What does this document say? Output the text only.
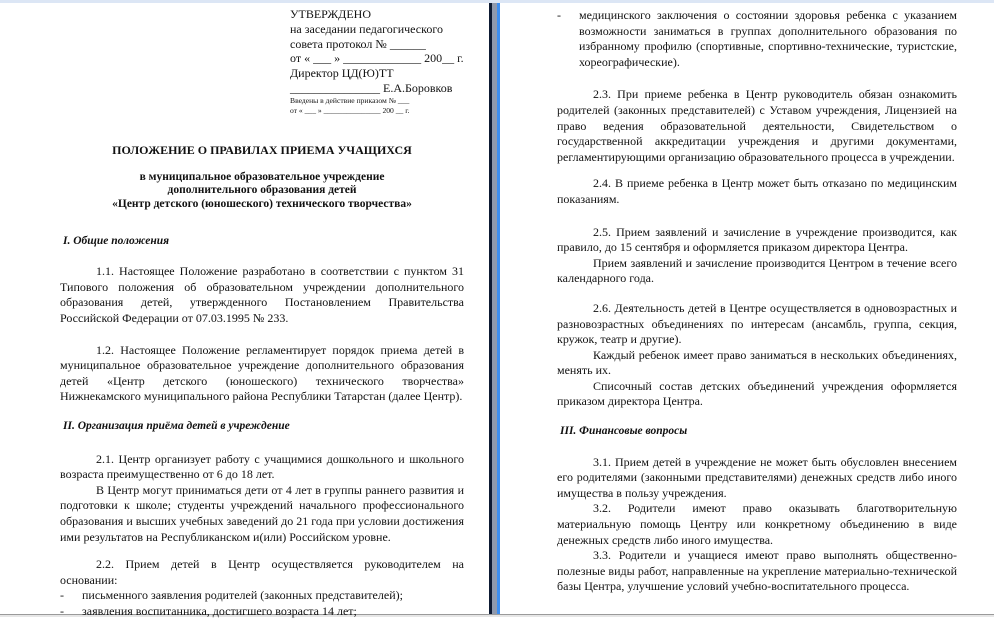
УТВЕРЖДЕНО
на заседании педагогического
совета протокол № ______
от « ___ » _____________ 200__ г.
Директор ЦД(Ю)ТТ
_______________ Е.А.Боровков
Введены в действие приказом № ___
от « ___ » _______________ 200 __ г.
ПОЛОЖЕНИЕ О ПРАВИЛАХ ПРИЕМА УЧАЩИХСЯ
в муниципальное образовательное учреждение
дополнительного образования детей
«Центр детского (юношеского) технического творчества»
I. Общие положения
1.1. Настоящее Положение разработано в соответствии с пунктом 31 Типового положения об образовательном учреждении дополнительного образования детей, утвержденного Постановлением Правительства Российской Федерации от 07.03.1995 № 233.
1.2. Настоящее Положение регламентирует порядок приема детей в муниципальное образовательное учреждение дополнительного образования детей «Центр детского (юношеского) технического творчества» Нижнекамского муниципального района Республики Татарстан (далее Центр).
II. Организация приёма детей в учреждение
2.1. Центр организует работу с учащимися дошкольного и школьного возраста преимущественно от 6 до 18 лет.
В Центр могут приниматься дети от 4 лет в группы раннего развития и подготовки к школе; студенты учреждений начального профессионального образования и высших учебных заведений до 21 года при условии достижения ими результатов на Республиканском и(или) Российском уровне.
2.2. Прием детей в Центр осуществляется руководителем на основании:
-	письменного заявления родителей (законных представителей);
-	заявления воспитанника, достигшего возраста 14 лет;
-	медицинского заключения о состоянии здоровья ребенка с указанием возможности заниматься в группах дополнительного образования по избранному профилю (спортивные, спортивно-технические, туристские, хореографические).
2.3. При приеме ребенка в Центр руководитель обязан ознакомить родителей (законных представителей) с Уставом учреждения, Лицензией на право ведения образовательной деятельности, Свидетельством о государственной аккредитации учреждения и другими документами, регламентирующими организацию образовательного процесса в учреждении.
2.4. В приеме ребенка в Центр может быть отказано по медицинским показаниям.
2.5. Прием заявлений и зачисление в учреждение производится, как правило, до 15 сентября и оформляется приказом директора Центра.
Прием заявлений и зачисление производится Центром в течение всего календарного года.
2.6. Деятельность детей в Центре осуществляется в одновозрастных и разновозрастных объединениях по интересам (ансамбль, группа, секция, кружок, театр и другие).
Каждый ребенок имеет право заниматься в нескольких объединениях, менять их.
Списочный состав детских объединений учреждения оформляется приказом директора Центра.
III. Финансовые вопросы
3.1. Прием детей в учреждение не может быть обусловлен внесением его родителями (законными представителями) денежных средств либо иного имущества в пользу учреждения.
3.2. Родители имеют право оказывать благотворительную материальную помощь Центру или конкретному объединению в виде денежных средств либо иного имущества.
3.3. Родители и учащиеся имеют право выполнять общественно-полезные виды работ, направленные на укрепление материально-технической базы Центра, улучшение условий учебно-воспитательного процесса.
